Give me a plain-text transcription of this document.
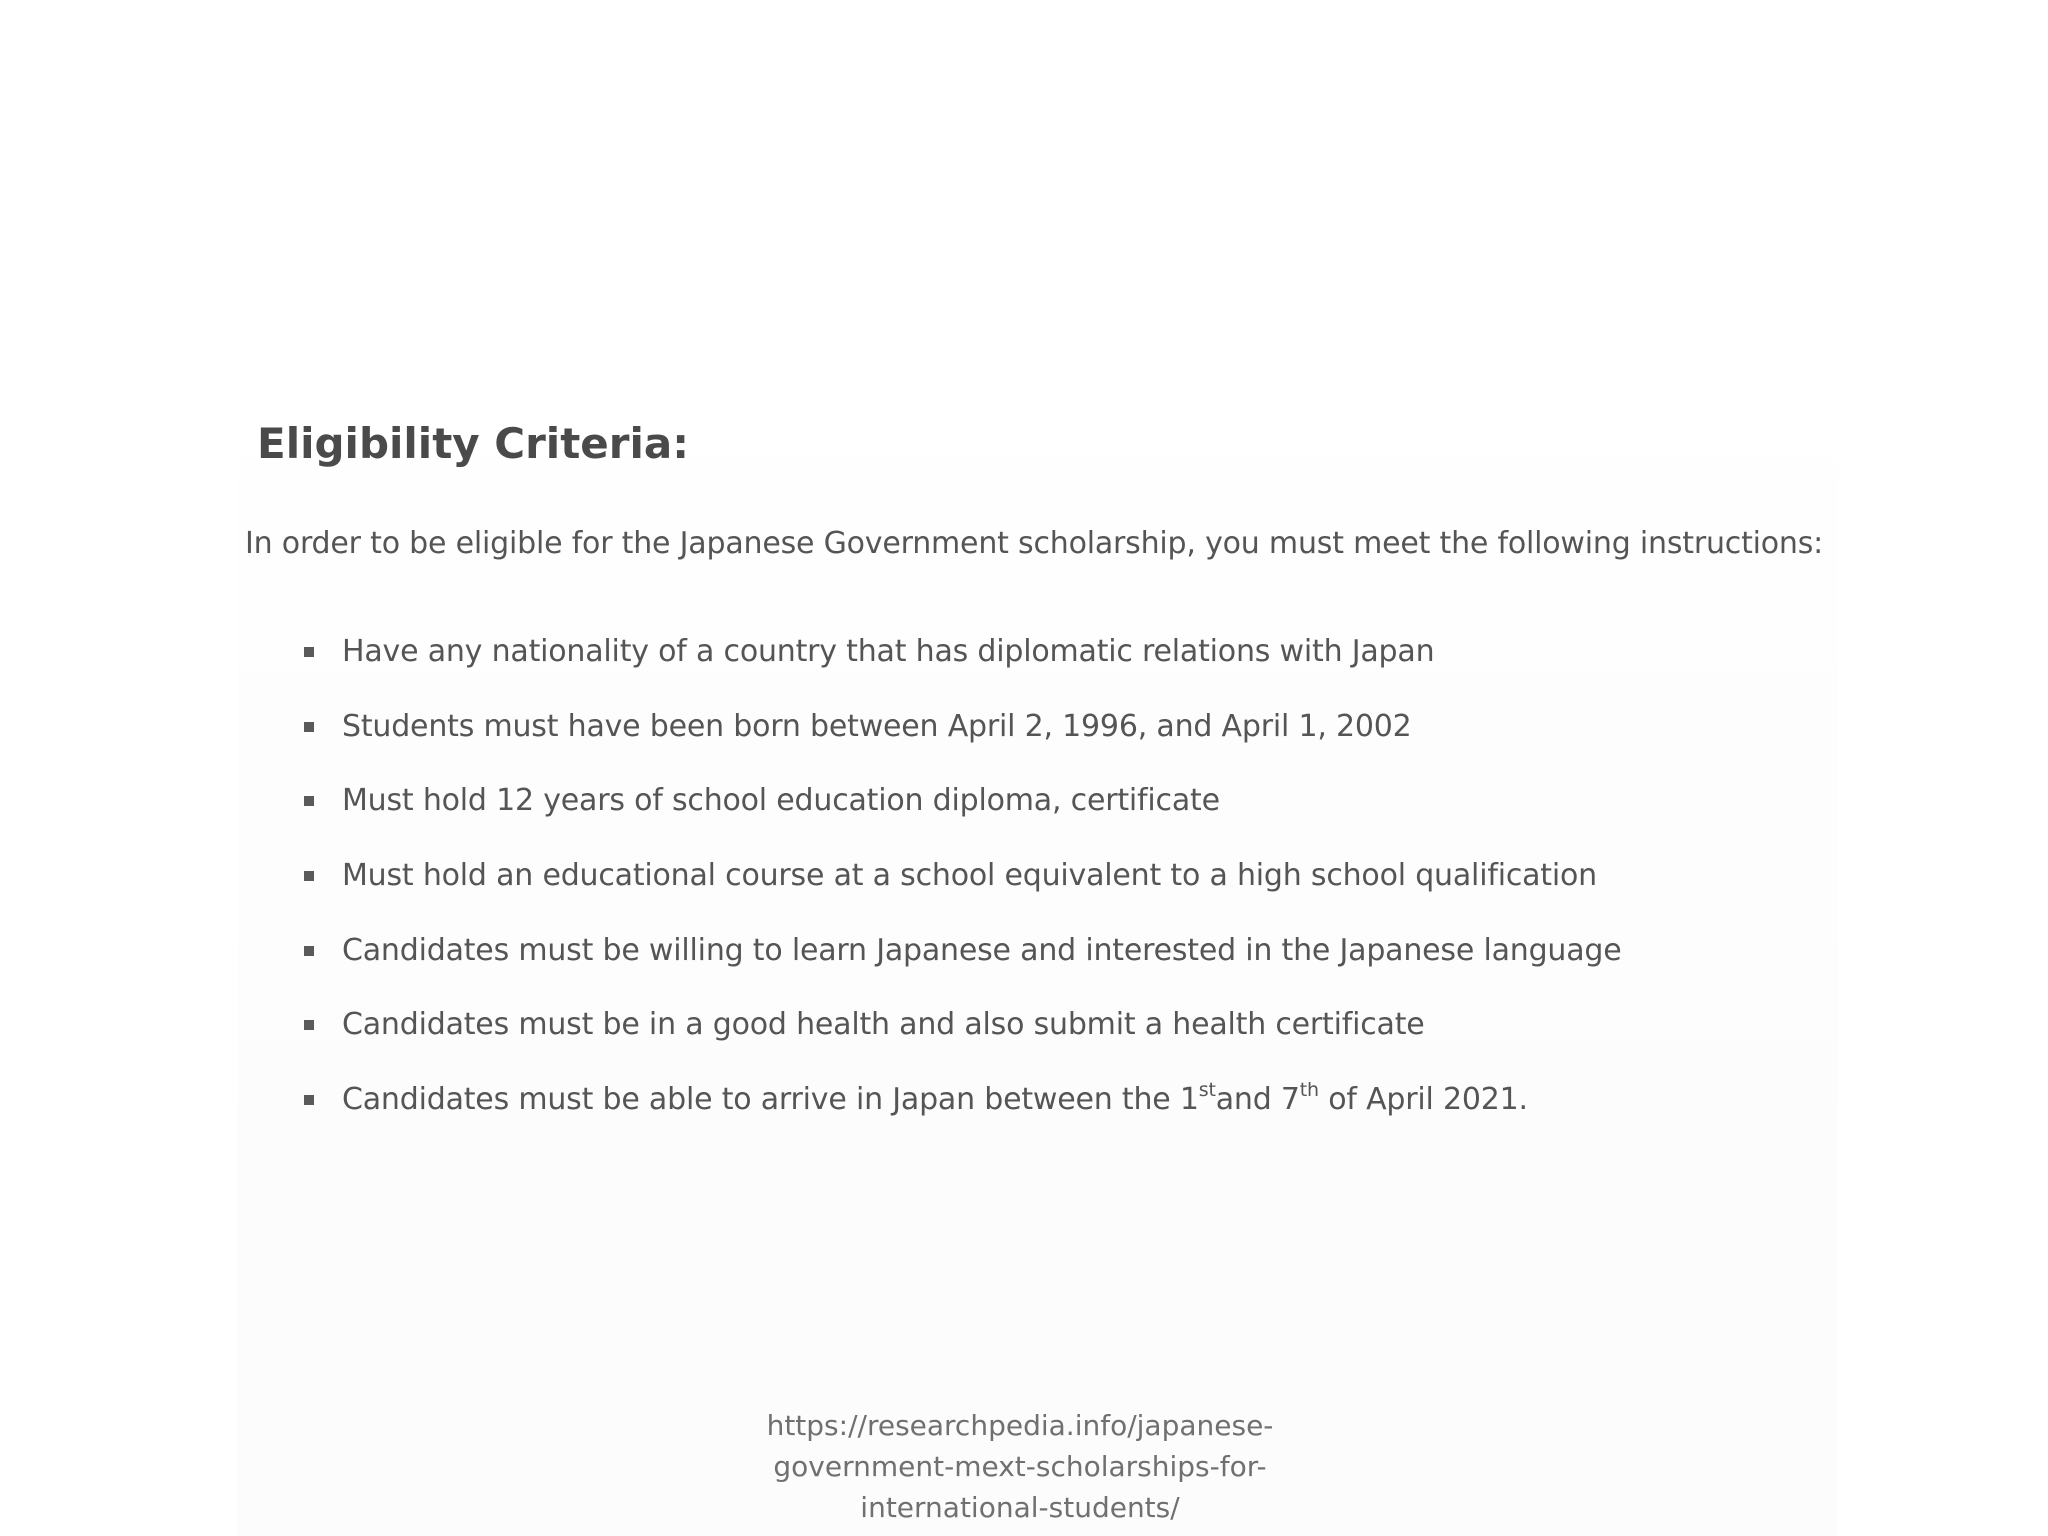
Eligibility Criteria:

In order to be eligible for the Japanese Government scholarship, you must meet the following instructions:

Have any nationality of a country that has diplomatic relations with Japan
Students must have been born between April 2, 1996, and April 1, 2002
Must hold 12 years of school education diploma, certificate
Must hold an educational course at a school equivalent to a high school qualification
Candidates must be willing to learn Japanese and interested in the Japanese language
Candidates must be in a good health and also submit a health certificate
Candidates must be able to arrive in Japan between the 1stand 7th of April 2021.

https://researchpedia.info/japanese-
government-mext-scholarships-for-
international-students/
